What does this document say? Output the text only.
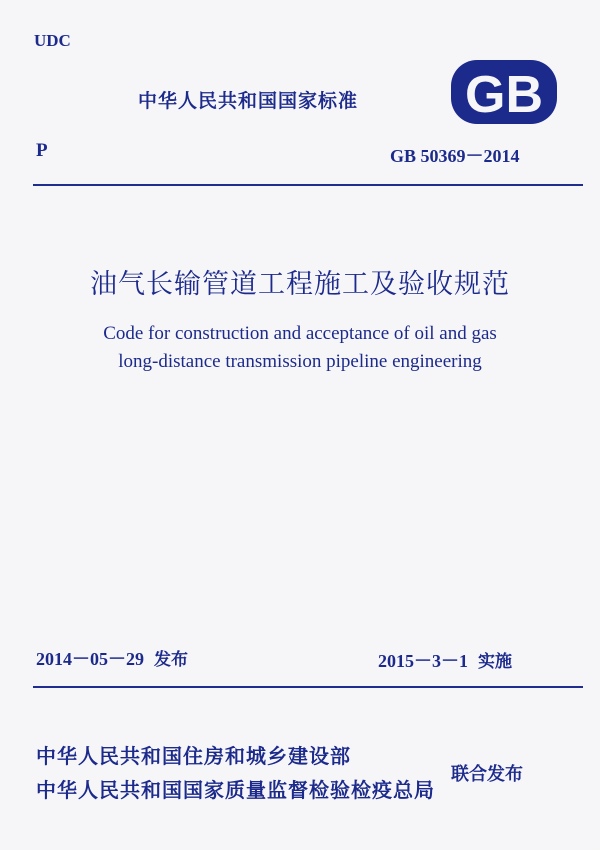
UDC
中华人民共和国国家标准 GB
P	GB 50369－2014
油气长输管道工程施工及验收规范
Code for construction and acceptance of oil and gas
long-distance transmission pipeline engineering
2014－05－29 发布	2015－3－1 实施
中华人民共和国住房和城乡建设部
中华人民共和国国家质量监督检验检疫总局
联合发布
